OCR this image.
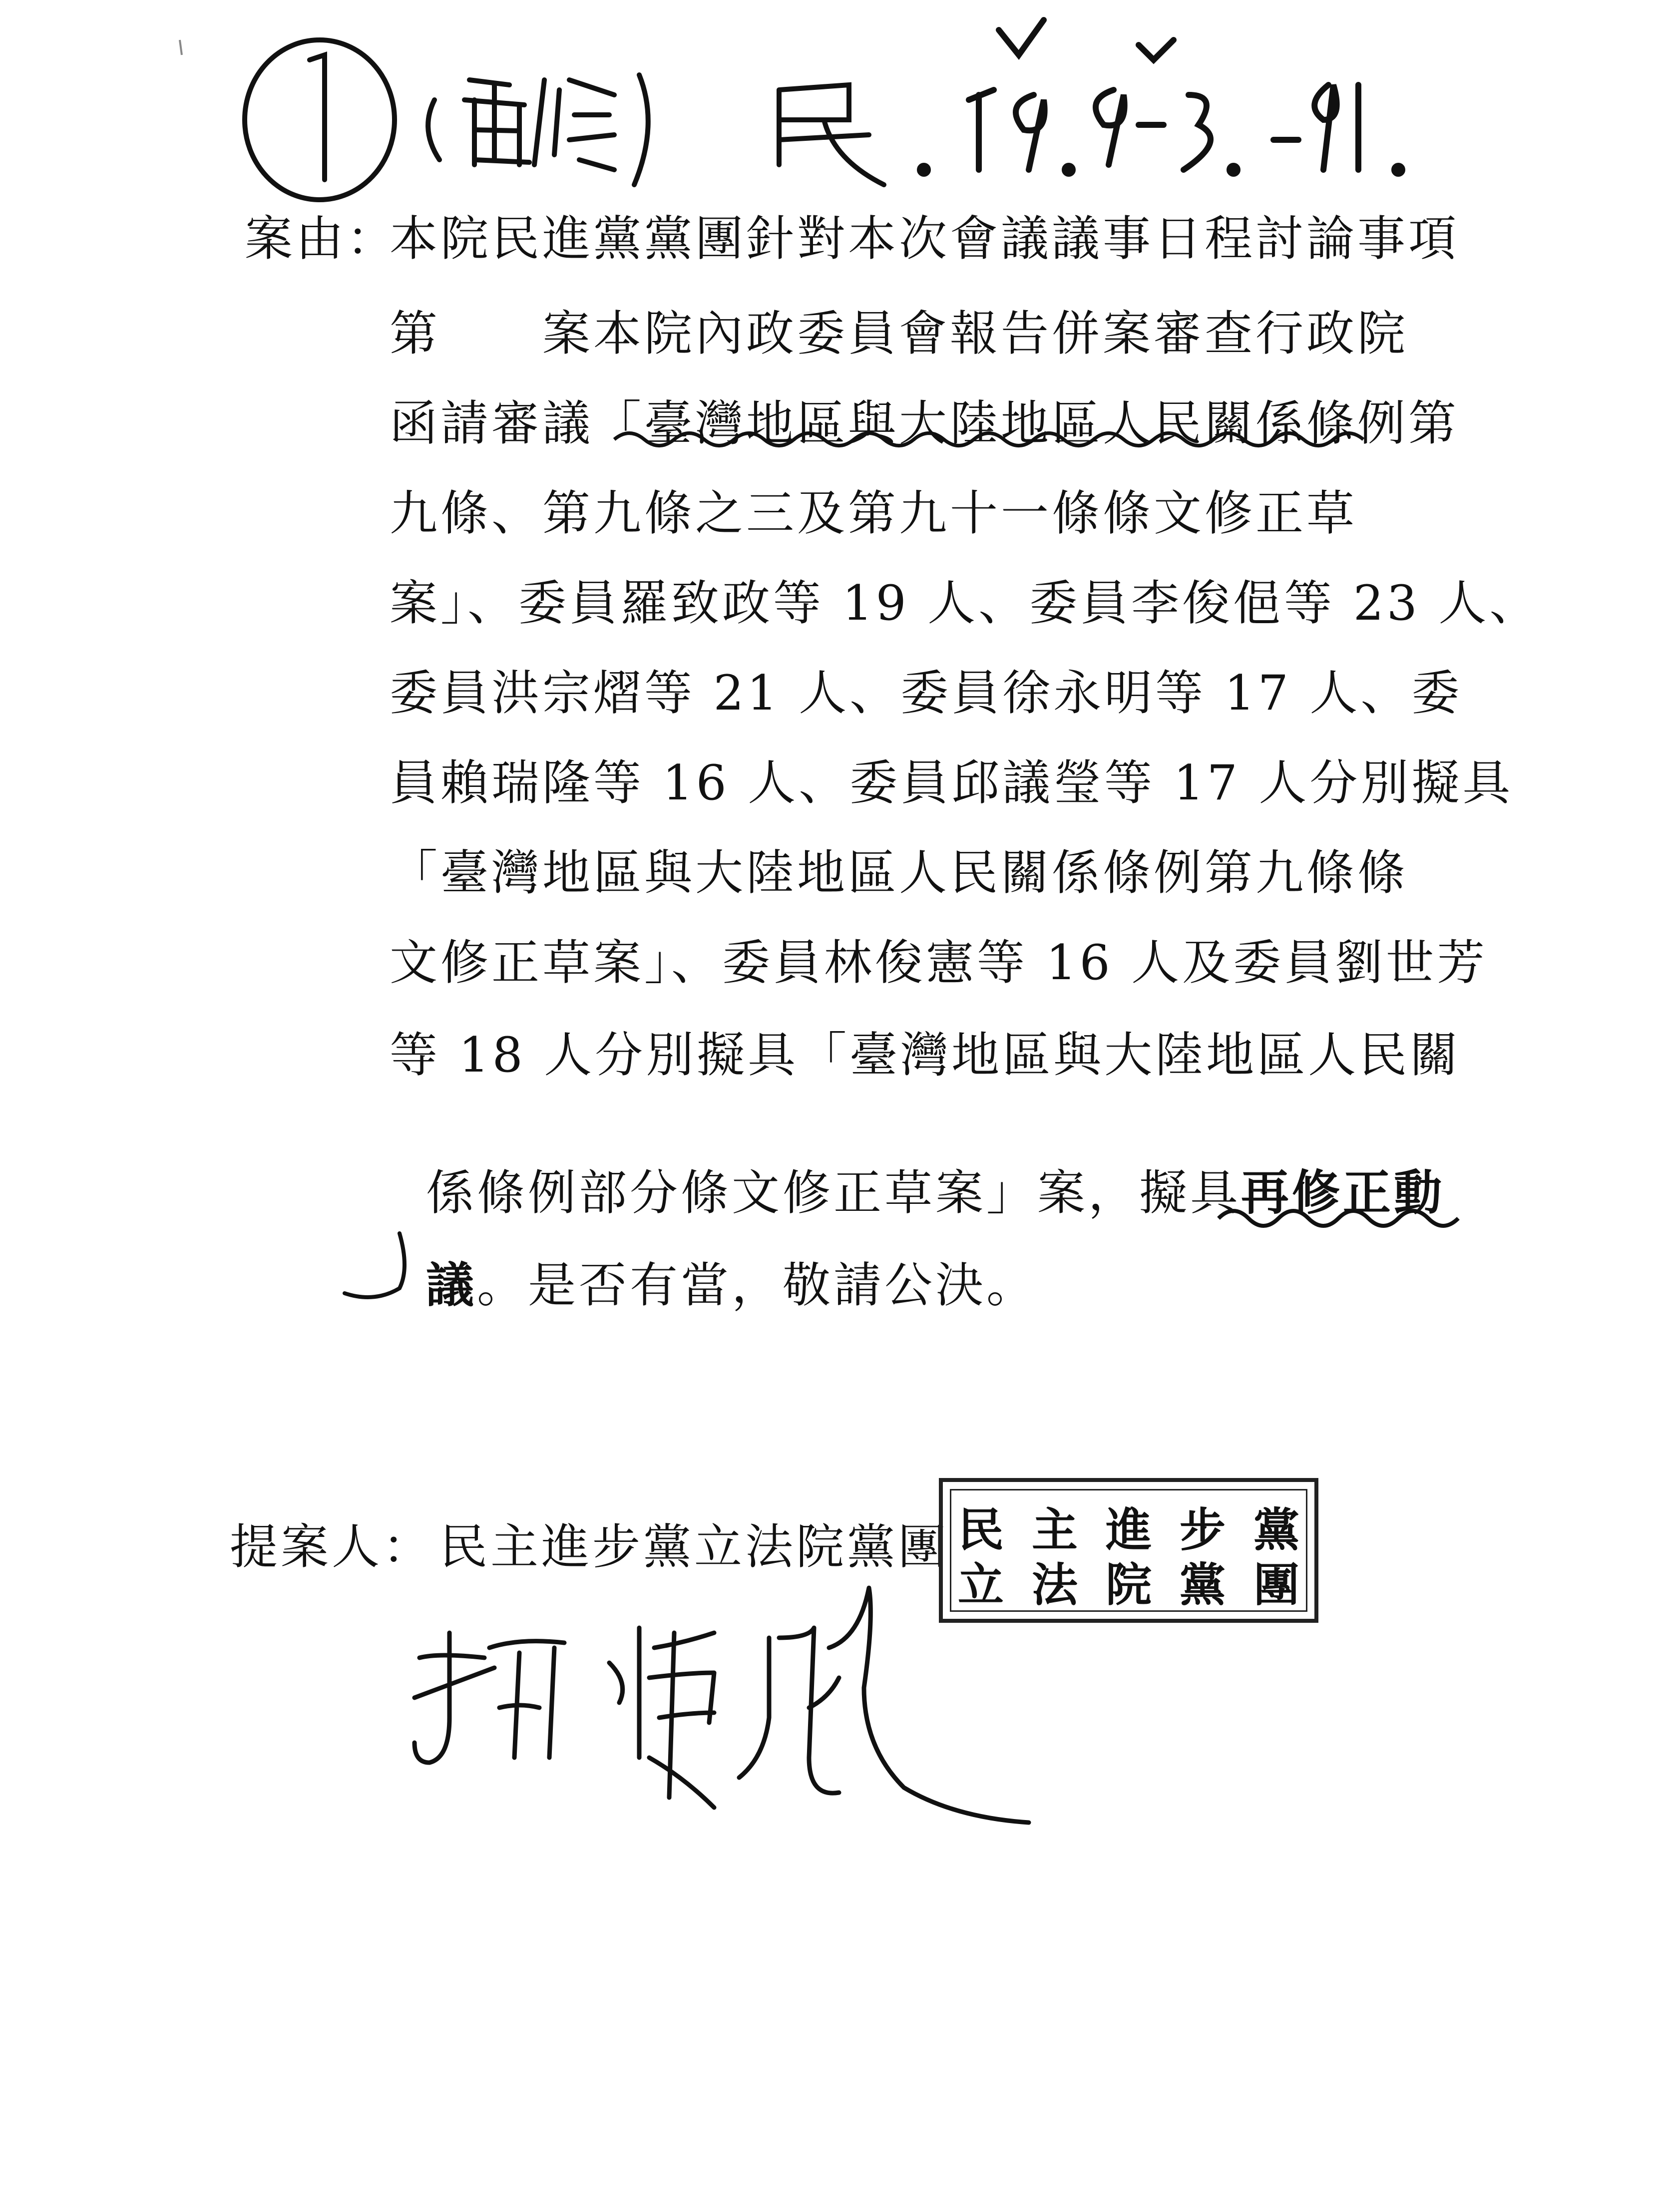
案由：
本院民進黨黨團針對本次會議議事日程討論事項
第　　案本院內政委員會報告併案審查行政院
函請審議「臺灣地區與大陸地區人民關係條例第
九條、第九條之三及第九十一條條文修正草
案」、委員羅致政等 19 人、委員李俊俋等 23 人、
委員洪宗熠等 21 人、委員徐永明等 17 人、委
員賴瑞隆等 16 人、委員邱議瑩等 17 人分別擬具
「臺灣地區與大陸地區人民關係條例第九條條
文修正草案」、委員林俊憲等 16 人及委員劉世芳
等 18 人分別擬具「臺灣地區與大陸地區人民關

係條例部分條文修正草案」案，擬具再修正動

議。是否有當，敬請公決。

提案人： 民主進步黨立法院黨團 民 主 進 步 黨
立 法 院 黨 團
